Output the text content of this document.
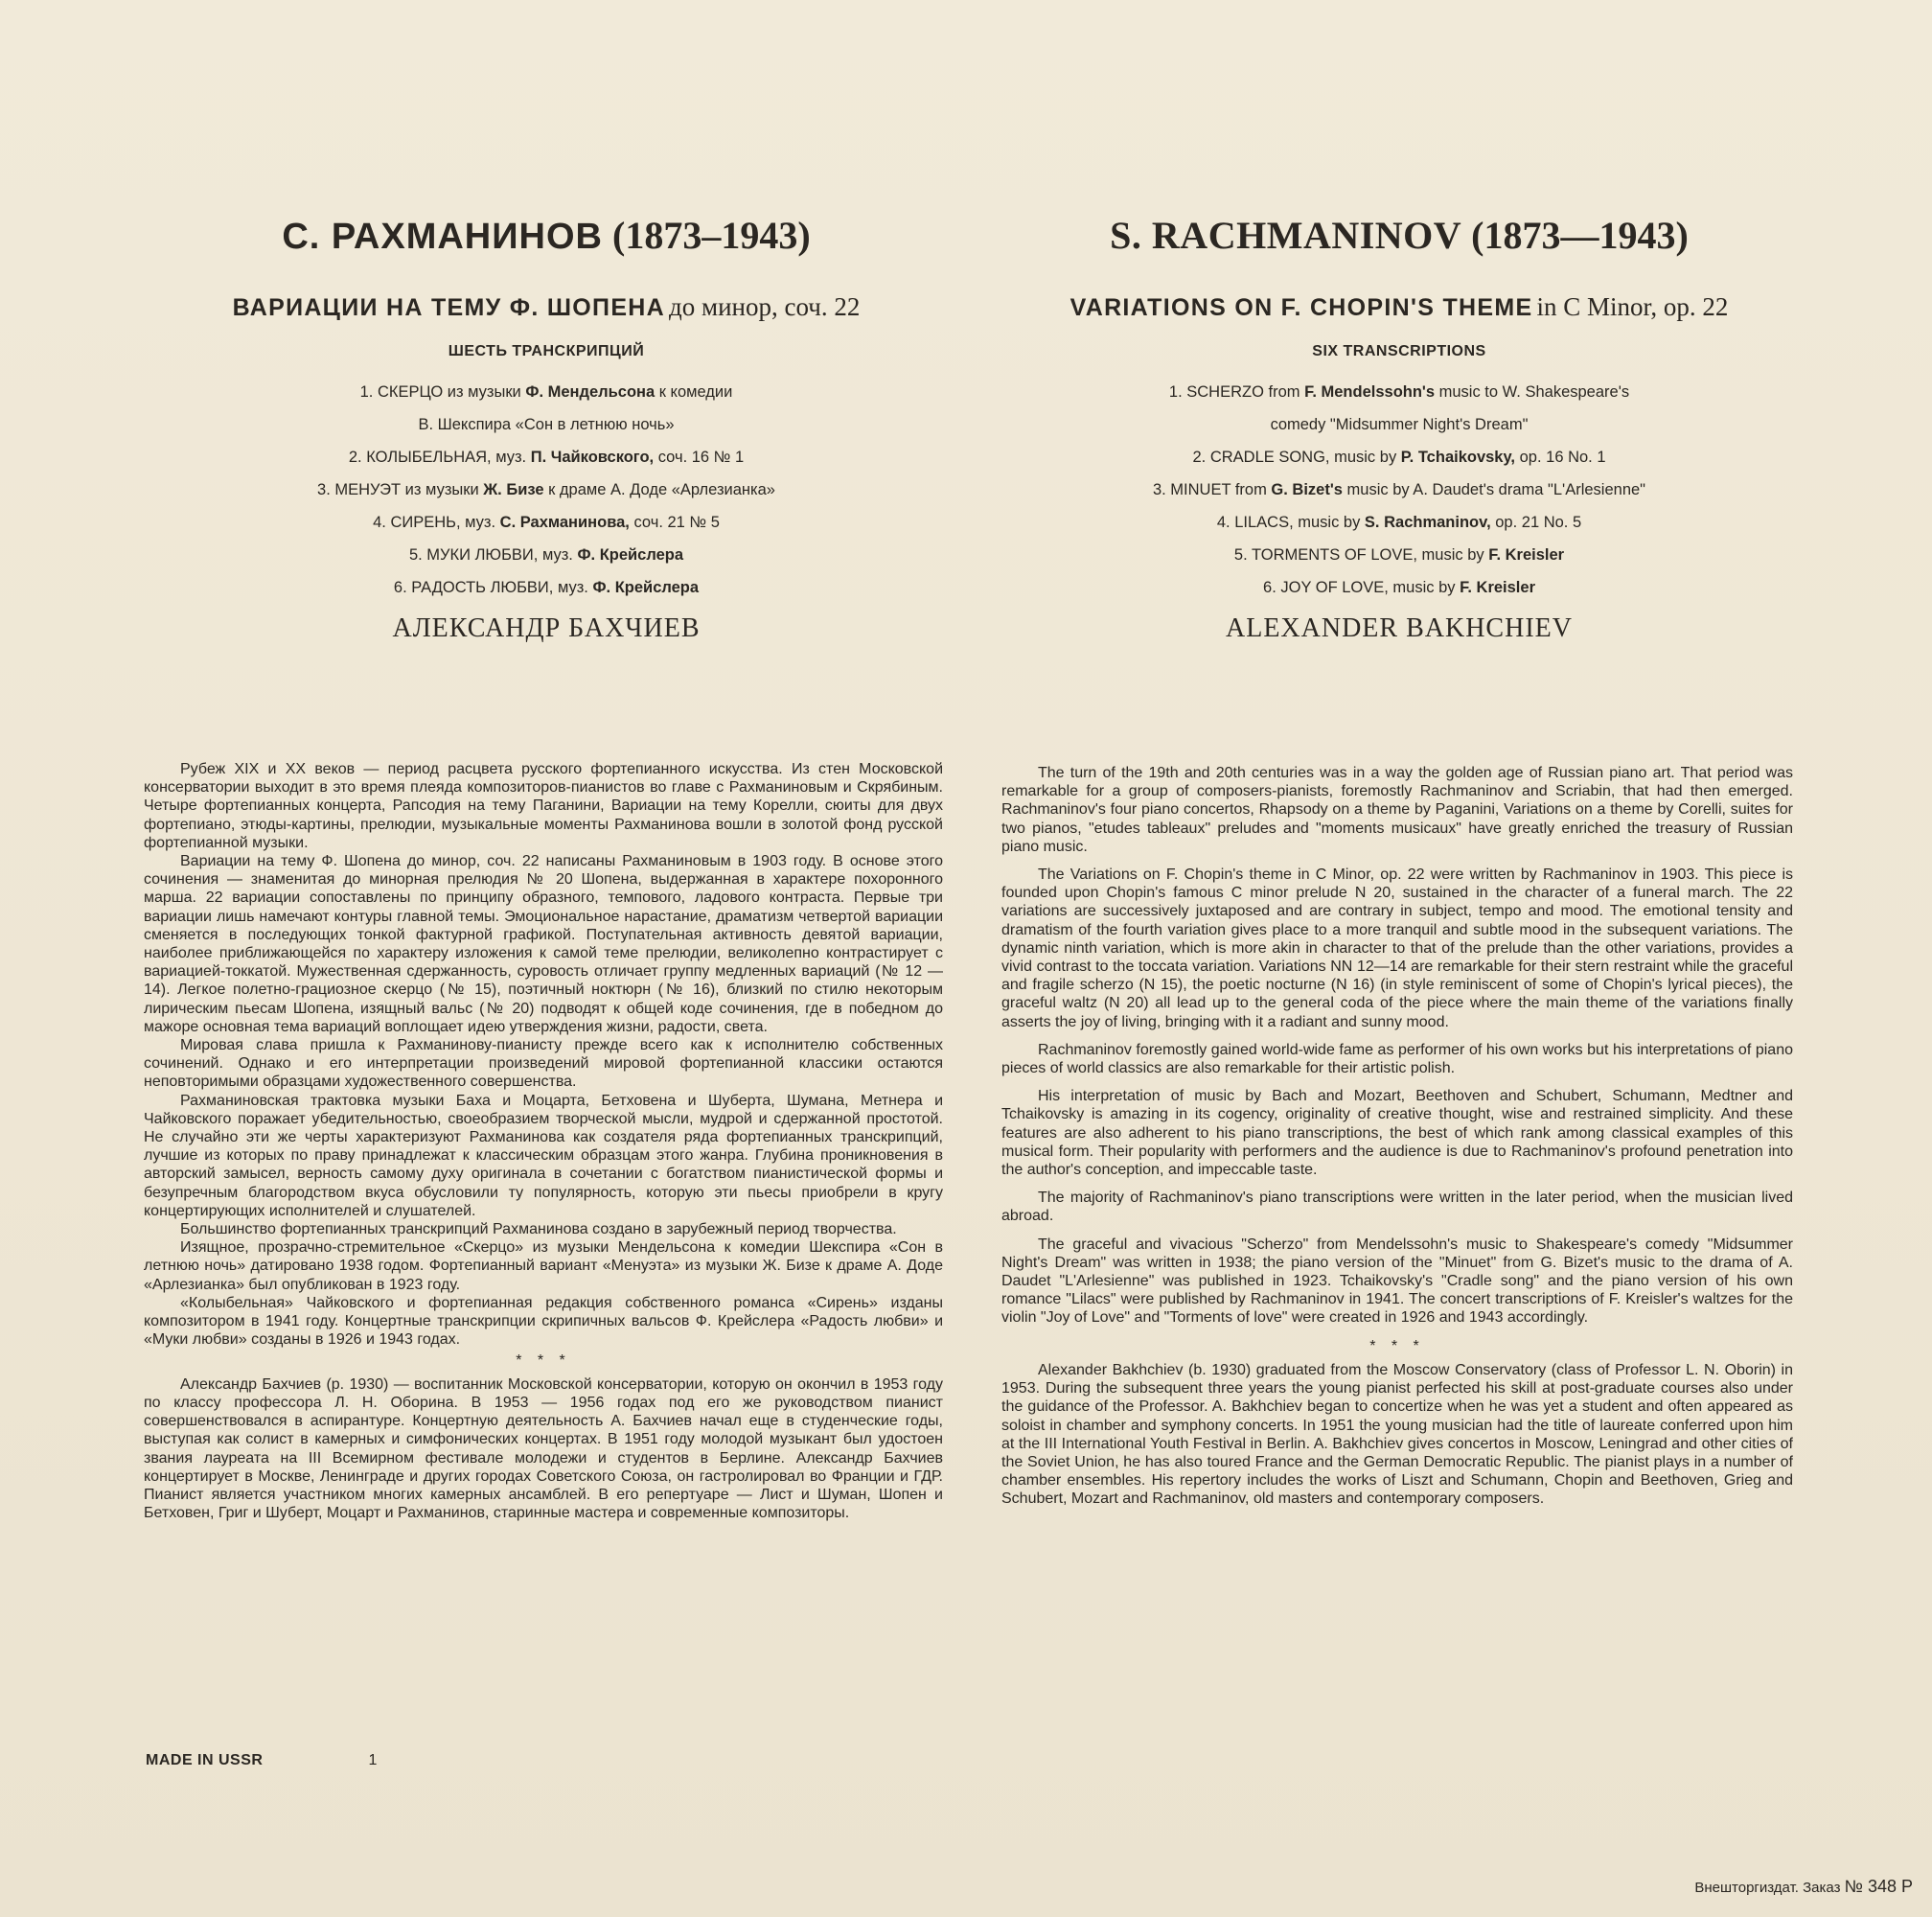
С. РАХМАНИНОВ (1873–1943)
ВАРИАЦИИ НА ТЕМУ Ф. ШОПЕНА до минор, соч. 22
ШЕСТЬ ТРАНСКРИПЦИЙ
1. СКЕРЦО из музыки Ф. Мендельсона к комедии
В. Шекспира «Сон в летнюю ночь»
2. КОЛЫБЕЛЬНАЯ, муз. П. Чайковского, соч. 16 № 1
3. МЕНУЭТ из музыки Ж. Бизе к драме А. Доде «Арлезианка»
4. СИРЕНЬ, муз. С. Рахманинова, соч. 21 № 5
5. МУКИ ЛЮБВИ, муз. Ф. Крейслера
6. РАДОСТЬ ЛЮБВИ, муз. Ф. Крейслера
АЛЕКСАНДР БАХЧИЕВ

Рубеж XIX и XX веков — период расцвета русского фортепианного искусства. Из стен Московской консерватории выходит в это время плеяда композиторов-пианистов во главе с Рахманиновым и Скрябиным. Четыре фортепианных концерта, Рапсодия на тему Паганини, Вариации на тему Корелли, сюиты для двух фортепиано, этюды-картины, прелюдии, музыкальные моменты Рахманинова вошли в золотой фонд русской фортепианной музыки.

Вариации на тему Ф. Шопена до минор, соч. 22 написаны Рахманиновым в 1903 году. В основе этого сочинения — знаменитая до минорная прелюдия № 20 Шопена, выдержанная в характере похоронного марша. 22 вариации сопоставлены по принципу образного, темпового, ладового контраста. Первые три вариации лишь намечают контуры главной темы. Эмоциональное нарастание, драматизм четвертой вариации сменяется в последующих тонкой фактурной графикой. Поступательная активность девятой вариации, наиболее приближающейся по характеру изложения к самой теме прелюдии, великолепно контрастирует с вариацией-токкатой. Мужественная сдержанность, суровость отличает группу медленных вариаций (№ 12 — 14). Легкое полетно-грациозное скерцо (№ 15), поэтичный ноктюрн (№ 16), близкий по стилю некоторым лирическим пьесам Шопена, изящный вальс (№ 20) подводят к общей коде сочинения, где в победном до мажоре основная тема вариаций воплощает идею утверждения жизни, радости, света.

Мировая слава пришла к Рахманинову-пианисту прежде всего как к исполнителю собственных сочинений. Однако и его интерпретации произведений мировой фортепианной классики остаются неповторимыми образцами художественного совершенства.

Рахманиновская трактовка музыки Баха и Моцарта, Бетховена и Шуберта, Шумана, Метнера и Чайковского поражает убедительностью, своеобразием творческой мысли, мудрой и сдержанной простотой. Не случайно эти же черты характеризуют Рахманинова как создателя ряда фортепианных транскрипций, лучшие из которых по праву принадлежат к классическим образцам этого жанра. Глубина проникновения в авторский замысел, верность самому духу оригинала в сочетании с богатством пианистической формы и безупречным благородством вкуса обусловили ту популярность, которую эти пьесы приобрели в кругу концертирующих исполнителей и слушателей.

Большинство фортепианных транскрипций Рахманинова создано в зарубежный период творчества.

Изящное, прозрачно-стремительное «Скерцо» из музыки Мендельсона к комедии Шекспира «Сон в летнюю ночь» датировано 1938 годом. Фортепианный вариант «Менуэта» из музыки Ж. Бизе к драме А. Доде «Арлезианка» был опубликован в 1923 году.

«Колыбельная» Чайковского и фортепианная редакция собственного романса «Сирень» изданы композитором в 1941 году. Концертные транскрипции скрипичных вальсов Ф. Крейслера «Радость любви» и «Муки любви» созданы в 1926 и 1943 годах.

* * *

Александр Бахчиев (р. 1930) — воспитанник Московской консерватории, которую он окончил в 1953 году по классу профессора Л. Н. Оборина. В 1953 — 1956 годах под его же руководством пианист совершенствовался в аспирантуре. Концертную деятельность А. Бахчиев начал еще в студенческие годы, выступая как солист в камерных и симфонических концертах. В 1951 году молодой музыкант был удостоен звания лауреата на III Всемирном фестивале молодежи и студентов в Берлине. Александр Бахчиев концертирует в Москве, Ленинграде и других городах Советского Союза, он гастролировал во Франции и ГДР. Пианист является участником многих камерных ансамблей. В его репертуаре — Лист и Шуман, Шопен и Бетховен, Григ и Шуберт, Моцарт и Рахманинов, старинные мастера и современные композиторы.

S. RACHMANINOV (1873—1943)
VARIATIONS ON F. CHOPIN'S THEME in C Minor, op. 22
SIX TRANSCRIPTIONS
1. SCHERZO from F. Mendelssohn's music to W. Shakespeare's
comedy "Midsummer Night's Dream"
2. CRADLE SONG, music by P. Tchaikovsky, op. 16 No. 1
3. MINUET from G. Bizet's music by A. Daudet's drama "L'Arlesienne"
4. LILACS, music by S. Rachmaninov, op. 21 No. 5
5. TORMENTS OF LOVE, music by F. Kreisler
6. JOY OF LOVE, music by F. Kreisler
ALEXANDER BAKHCHIEV

The turn of the 19th and 20th centuries was in a way the golden age of Russian piano art. That period was remarkable for a group of composers-pianists, foremostly Rachmaninov and Scriabin, that had then emerged. Rachmaninov's four piano concertos, Rhapsody on a theme by Paganini, Variations on a theme by Corelli, suites for two pianos, "etudes tableaux" preludes and "moments musicaux" have greatly enriched the treasury of Russian piano music.

The Variations on F. Chopin's theme in C Minor, op. 22 were written by Rachmaninov in 1903. This piece is founded upon Chopin's famous C minor prelude N 20, sustained in the character of a funeral march. The 22 variations are successively juxtaposed and are contrary in subject, tempo and mood. The emotional tensity and dramatism of the fourth variation gives place to a more tranquil and subtle mood in the subsequent variations. The dynamic ninth variation, which is more akin in character to that of the prelude than the other variations, provides a vivid contrast to the toccata variation. Variations NN 12—14 are remarkable for their stern restraint while the graceful and fragile scherzo (N 15), the poetic nocturne (N 16) (in style reminiscent of some of Chopin's lyrical pieces), the graceful waltz (N 20) all lead up to the general coda of the piece where the main theme of the variations finally asserts the joy of living, bringing with it a radiant and sunny mood.

Rachmaninov foremostly gained world-wide fame as performer of his own works but his interpretations of piano pieces of world classics are also remarkable for their artistic polish.

His interpretation of music by Bach and Mozart, Beethoven and Schubert, Schumann, Medtner and Tchaikovsky is amazing in its cogency, originality of creative thought, wise and restrained simplicity. And these features are also adherent to his piano transcriptions, the best of which rank among classical examples of this musical form. Their popularity with performers and the audience is due to Rachmaninov's profound penetration into the author's conception, and impeccable taste.

The majority of Rachmaninov's piano transcriptions were written in the later period, when the musician lived abroad.

The graceful and vivacious "Scherzo" from Mendelssohn's music to Shakespeare's comedy "Midsummer Night's Dream" was written in 1938; the piano version of the "Minuet" from G. Bizet's music to the drama of A. Daudet "L'Arlesienne" was published in 1923. Tchaikovsky's "Cradle song" and the piano version of his own romance "Lilacs" were published by Rachmaninov in 1941. The concert transcriptions of F. Kreisler's waltzes for the violin "Joy of Love" and "Torments of love" were created in 1926 and 1943 accordingly.

* * *

Alexander Bakhchiev (b. 1930) graduated from the Moscow Conservatory (class of Professor L. N. Oborin) in 1953. During the subsequent three years the young pianist perfected his skill at post-graduate courses also under the guidance of the Professor. A. Bakhchiev began to concertize when he was yet a student and often appeared as soloist in chamber and symphony concerts. In 1951 the young musician had the title of laureate conferred upon him at the III International Youth Festival in Berlin. A. Bakhchiev gives concertos in Moscow, Leningrad and other cities of the Soviet Union, he has also toured France and the German Democratic Republic. The pianist plays in a number of chamber ensembles. His repertory includes the works of Liszt and Schumann, Chopin and Beethoven, Grieg and Schubert, Mozart and Rachmaninov, old masters and contemporary composers.

MADE IN USSR	1
Внешторгиздат. Заказ № 348 Р
